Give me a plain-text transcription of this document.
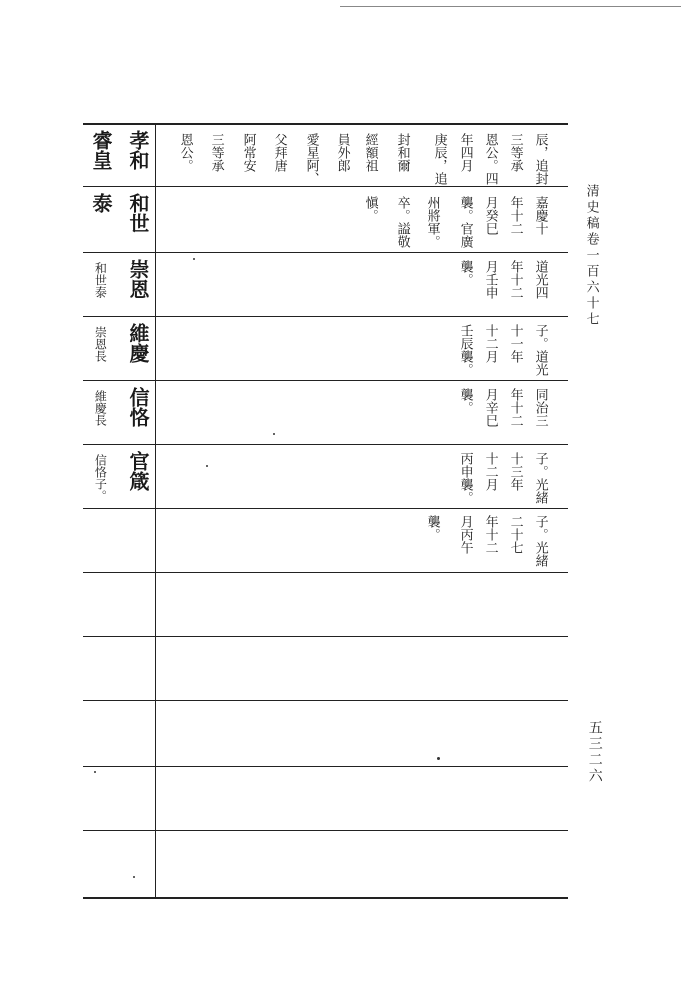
清史稿卷一百六十七
五三二六
孝和
和世
崇恩
維慶
信恪
官箴
睿皇
泰
和世泰
崇恩長
維慶長
信恪子。
辰，追封
三等承
恩公。四
年四月
庚辰，追
封和爾
經額祖
員外郎
愛星阿、
父拜唐
阿常安
三等承
恩公。
嘉慶十
年十二
月癸巳
襲。官廣
州將軍。
卒。謚敬
愼。
道光四
年十二
月壬申
襲。
子。道光
十一年
十二月
壬辰襲。
同治三
年十二
月辛巳
襲。
子。光緒
十三年
十二月
丙申襲。
子。光緒
二十七
年十二
月丙午
襲。
